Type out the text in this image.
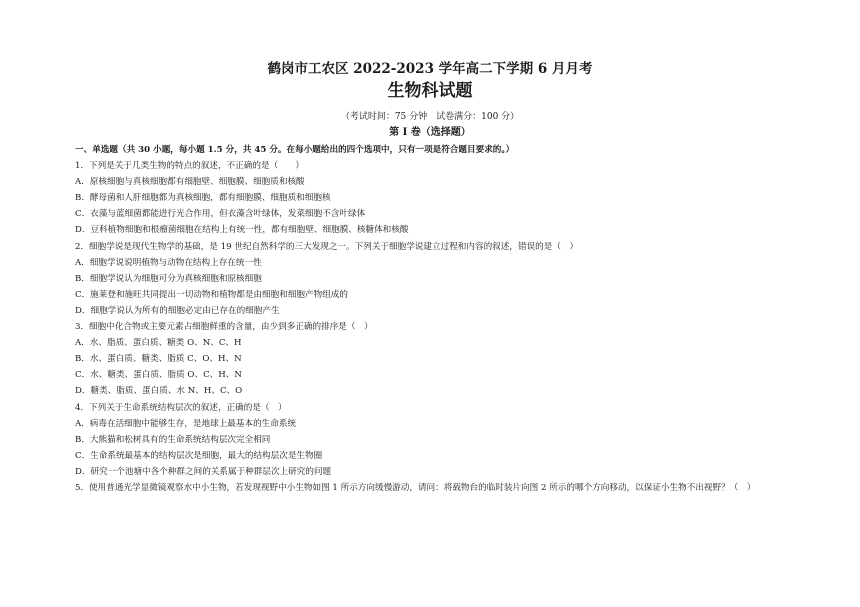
鹤岗市工农区 2022-2023 学年高二下学期 6 月月考
生物科试题
（考试时间：75 分钟　试卷满分：100 分）
第 I 卷（选择题）
一、单选题（共 30 小题，每小题 1.5 分，共 45 分。在每小题给出的四个选项中，只有一项是符合题目要求的。）
1．下列是关于几类生物的特点的叙述，不正确的是（　　）
A．原核细胞与真核细胞都有细胞壁、细胞膜、细胞质和核酸
B．酵母菌和人肝细胞都为真核细胞，都有细胞膜、细胞质和细胞核
C．衣藻与蓝细菌都能进行光合作用，但衣藻含叶绿体，发菜细胞不含叶绿体
D．豆科植物细胞和根瘤菌细胞在结构上有统一性，都有细胞壁、细胞膜、核糖体和核酸
2．细胞学说是现代生物学的基础，是 19 世纪自然科学的三大发现之一。下列关于细胞学说建立过程和内容的叙述，错误的是（　）
A．细胞学说说明植物与动物在结构上存在统一性
B．细胞学说认为细胞可分为真核细胞和原核细胞
C．施莱登和施旺共同提出一切动物和植物都是由细胞和细胞产物组成的
D．细胞学说认为所有的细胞必定由已存在的细胞产生
3．细胞中化合物或主要元素占细胞鲜重的含量，由少到多正确的排序是（　）
A．水、脂质、蛋白质、糖类 O、N、C、H
B．水、蛋白质、糖类、脂质 C、O、H、N
C．水、糖类、蛋白质、脂质 O、C、H、N
D．糖类、脂质、蛋白质、水 N、H、C、O
4．下列关于生命系统结构层次的叙述，正确的是（　）
A．病毒在活细胞中能够生存，是地球上最基本的生命系统
B．大熊猫和松树具有的生命系统结构层次完全相同
C．生命系统最基本的结构层次是细胞，最大的结构层次是生物圈
D．研究一个池塘中各个种群之间的关系属于种群层次上研究的问题
5．使用普通光学显微镜观察水中小生物，若发现视野中小生物如图 1 所示方向缓慢游动，请问：将载物台的临时装片向图 2 所示的哪个方向移动，以保证小生物不出视野？（　）
